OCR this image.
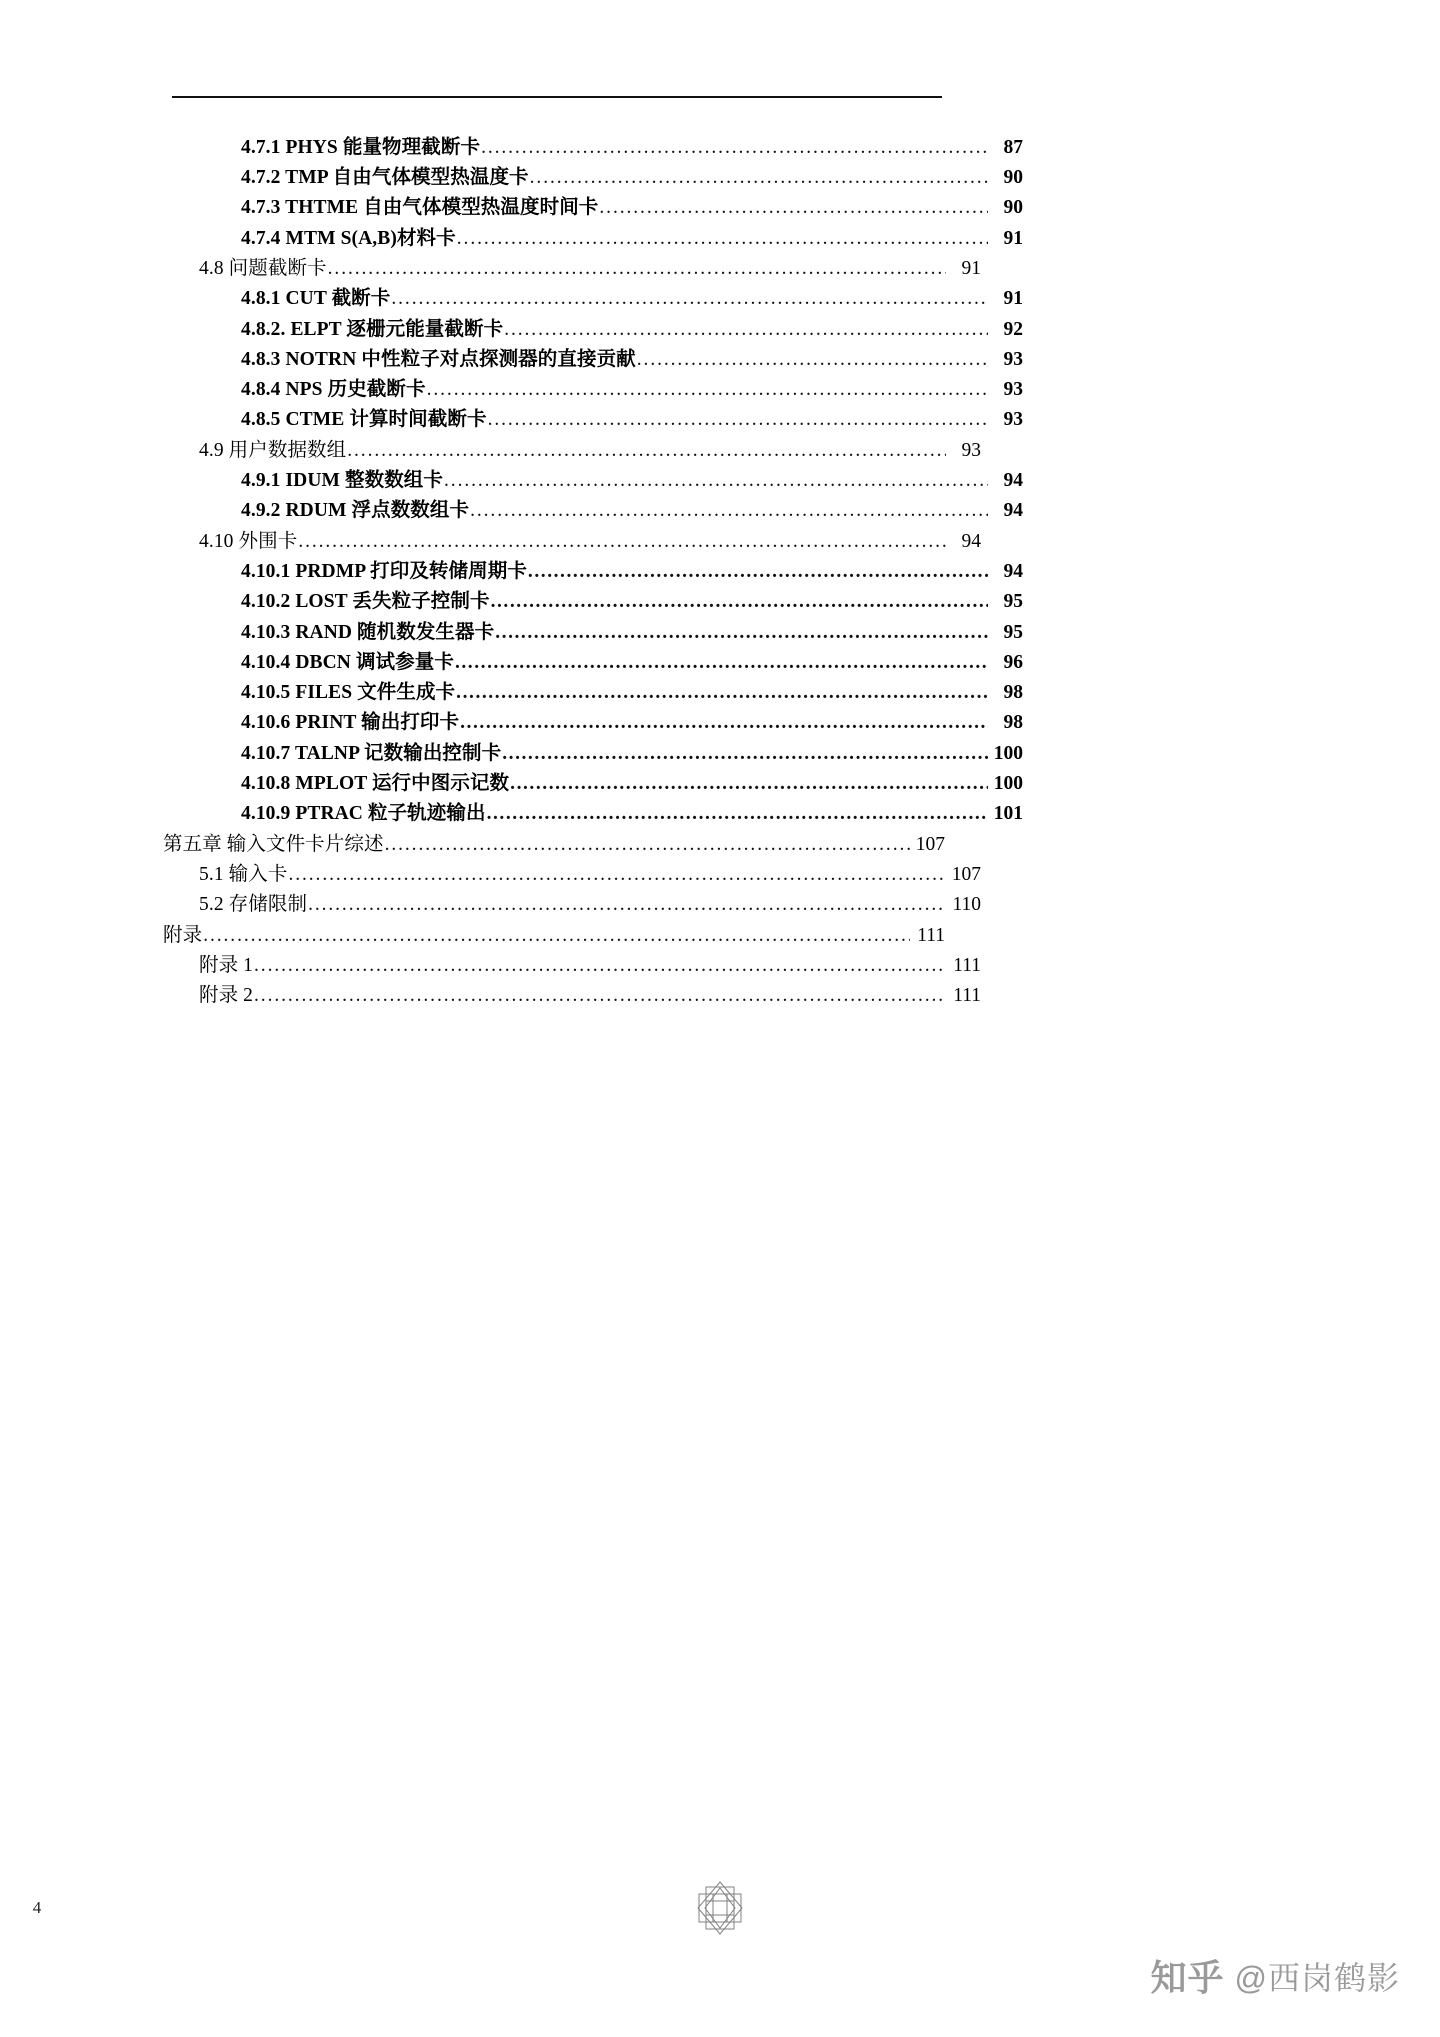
4.7.1 PHYS 能量物理截断卡 .....	87
4.7.2 TMP 自由气体模型热温度卡 .....	90
4.7.3 THTME 自由气体模型热温度时间卡 .....	90
4.7.4 MTM S(A,B)材料卡 .....	91
4.8 问题截断卡 .....	91
4.8.1 CUT 截断卡 .....	91
4.8.2. ELPT 逐栅元能量截断卡 .....	92
4.8.3 NOTRN 中性粒子对点探测器的直接贡献 .....	93
4.8.4 NPS 历史截断卡 .....	93
4.8.5 CTME 计算时间截断卡 .....	93
4.9 用户数据数组 .....	93
4.9.1 IDUM 整数数组卡 .....	94
4.9.2 RDUM 浮点数数组卡 .....	94
4.10 外围卡 .....	94
4.10.1 PRDMP 打印及转储周期卡 .....	94
4.10.2 LOST 丢失粒子控制卡 .....	95
4.10.3 RAND 随机数发生器卡 .....	95
4.10.4 DBCN 调试参量卡 .....	96
4.10.5 FILES 文件生成卡 .....	98
4.10.6 PRINT 输出打印卡 .....	98
4.10.7 TALNP 记数输出控制卡 .....	100
4.10.8 MPLOT 运行中图示记数 .....	100
4.10.9 PTRAC 粒子轨迹输出 .....	101
第五章 输入文件卡片综述 .....	107
5.1 输入卡 .....	107
5.2 存储限制 .....	110
附录 .....	111
附录 1 .....	111
附录 2 .....	111
4
知乎 @西岗鹤影
